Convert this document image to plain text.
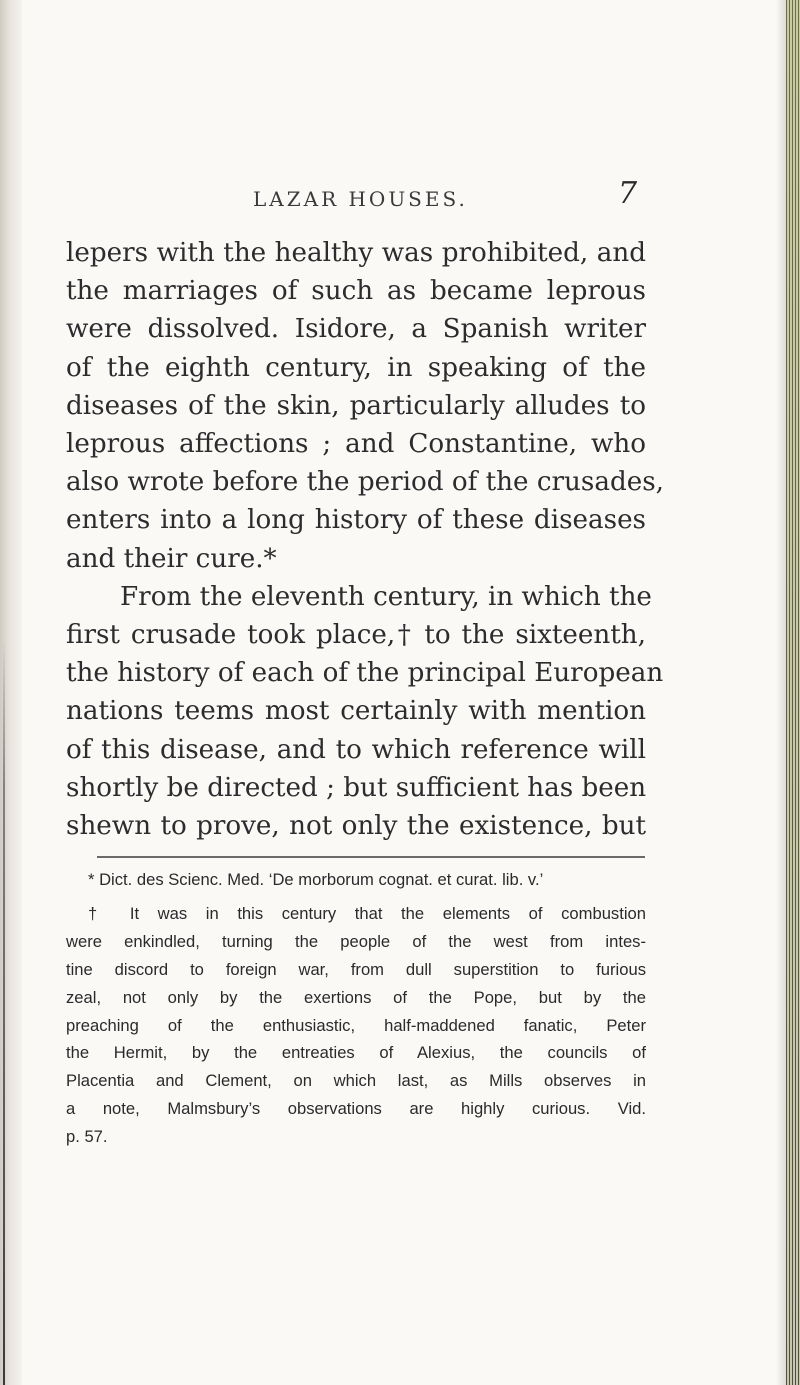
LAZAR HOUSES.	7
lepers with the healthy was prohibited, and
the marriages of such as became leprous
were dissolved. Isidore, a Spanish writer
of the eighth century, in speaking of the
diseases of the skin, particularly alludes to
leprous affections ; and Constantine, who
also wrote before the period of the crusades,
enters into a long history of these diseases
and their cure.*
From the eleventh century, in which the
first crusade took place,† to the sixteenth,
the history of each of the principal European
nations teems most certainly with mention
of this disease, and to which reference will
shortly be directed ; but sufficient has been
shewn to prove, not only the existence, but
* Dict. des Scienc. Med. ‘De morborum cognat. et curat. lib. v.’
† It was in this century that the elements of combustion
were enkindled, turning the people of the west from intes-
tine discord to foreign war, from dull superstition to furious
zeal, not only by the exertions of the Pope, but by the
preaching of the enthusiastic, half-maddened fanatic, Peter
the Hermit, by the entreaties of Alexius, the councils of
Placentia and Clement, on which last, as Mills observes in
a note, Malmsbury’s observations are highly curious. Vid.
p. 57.
